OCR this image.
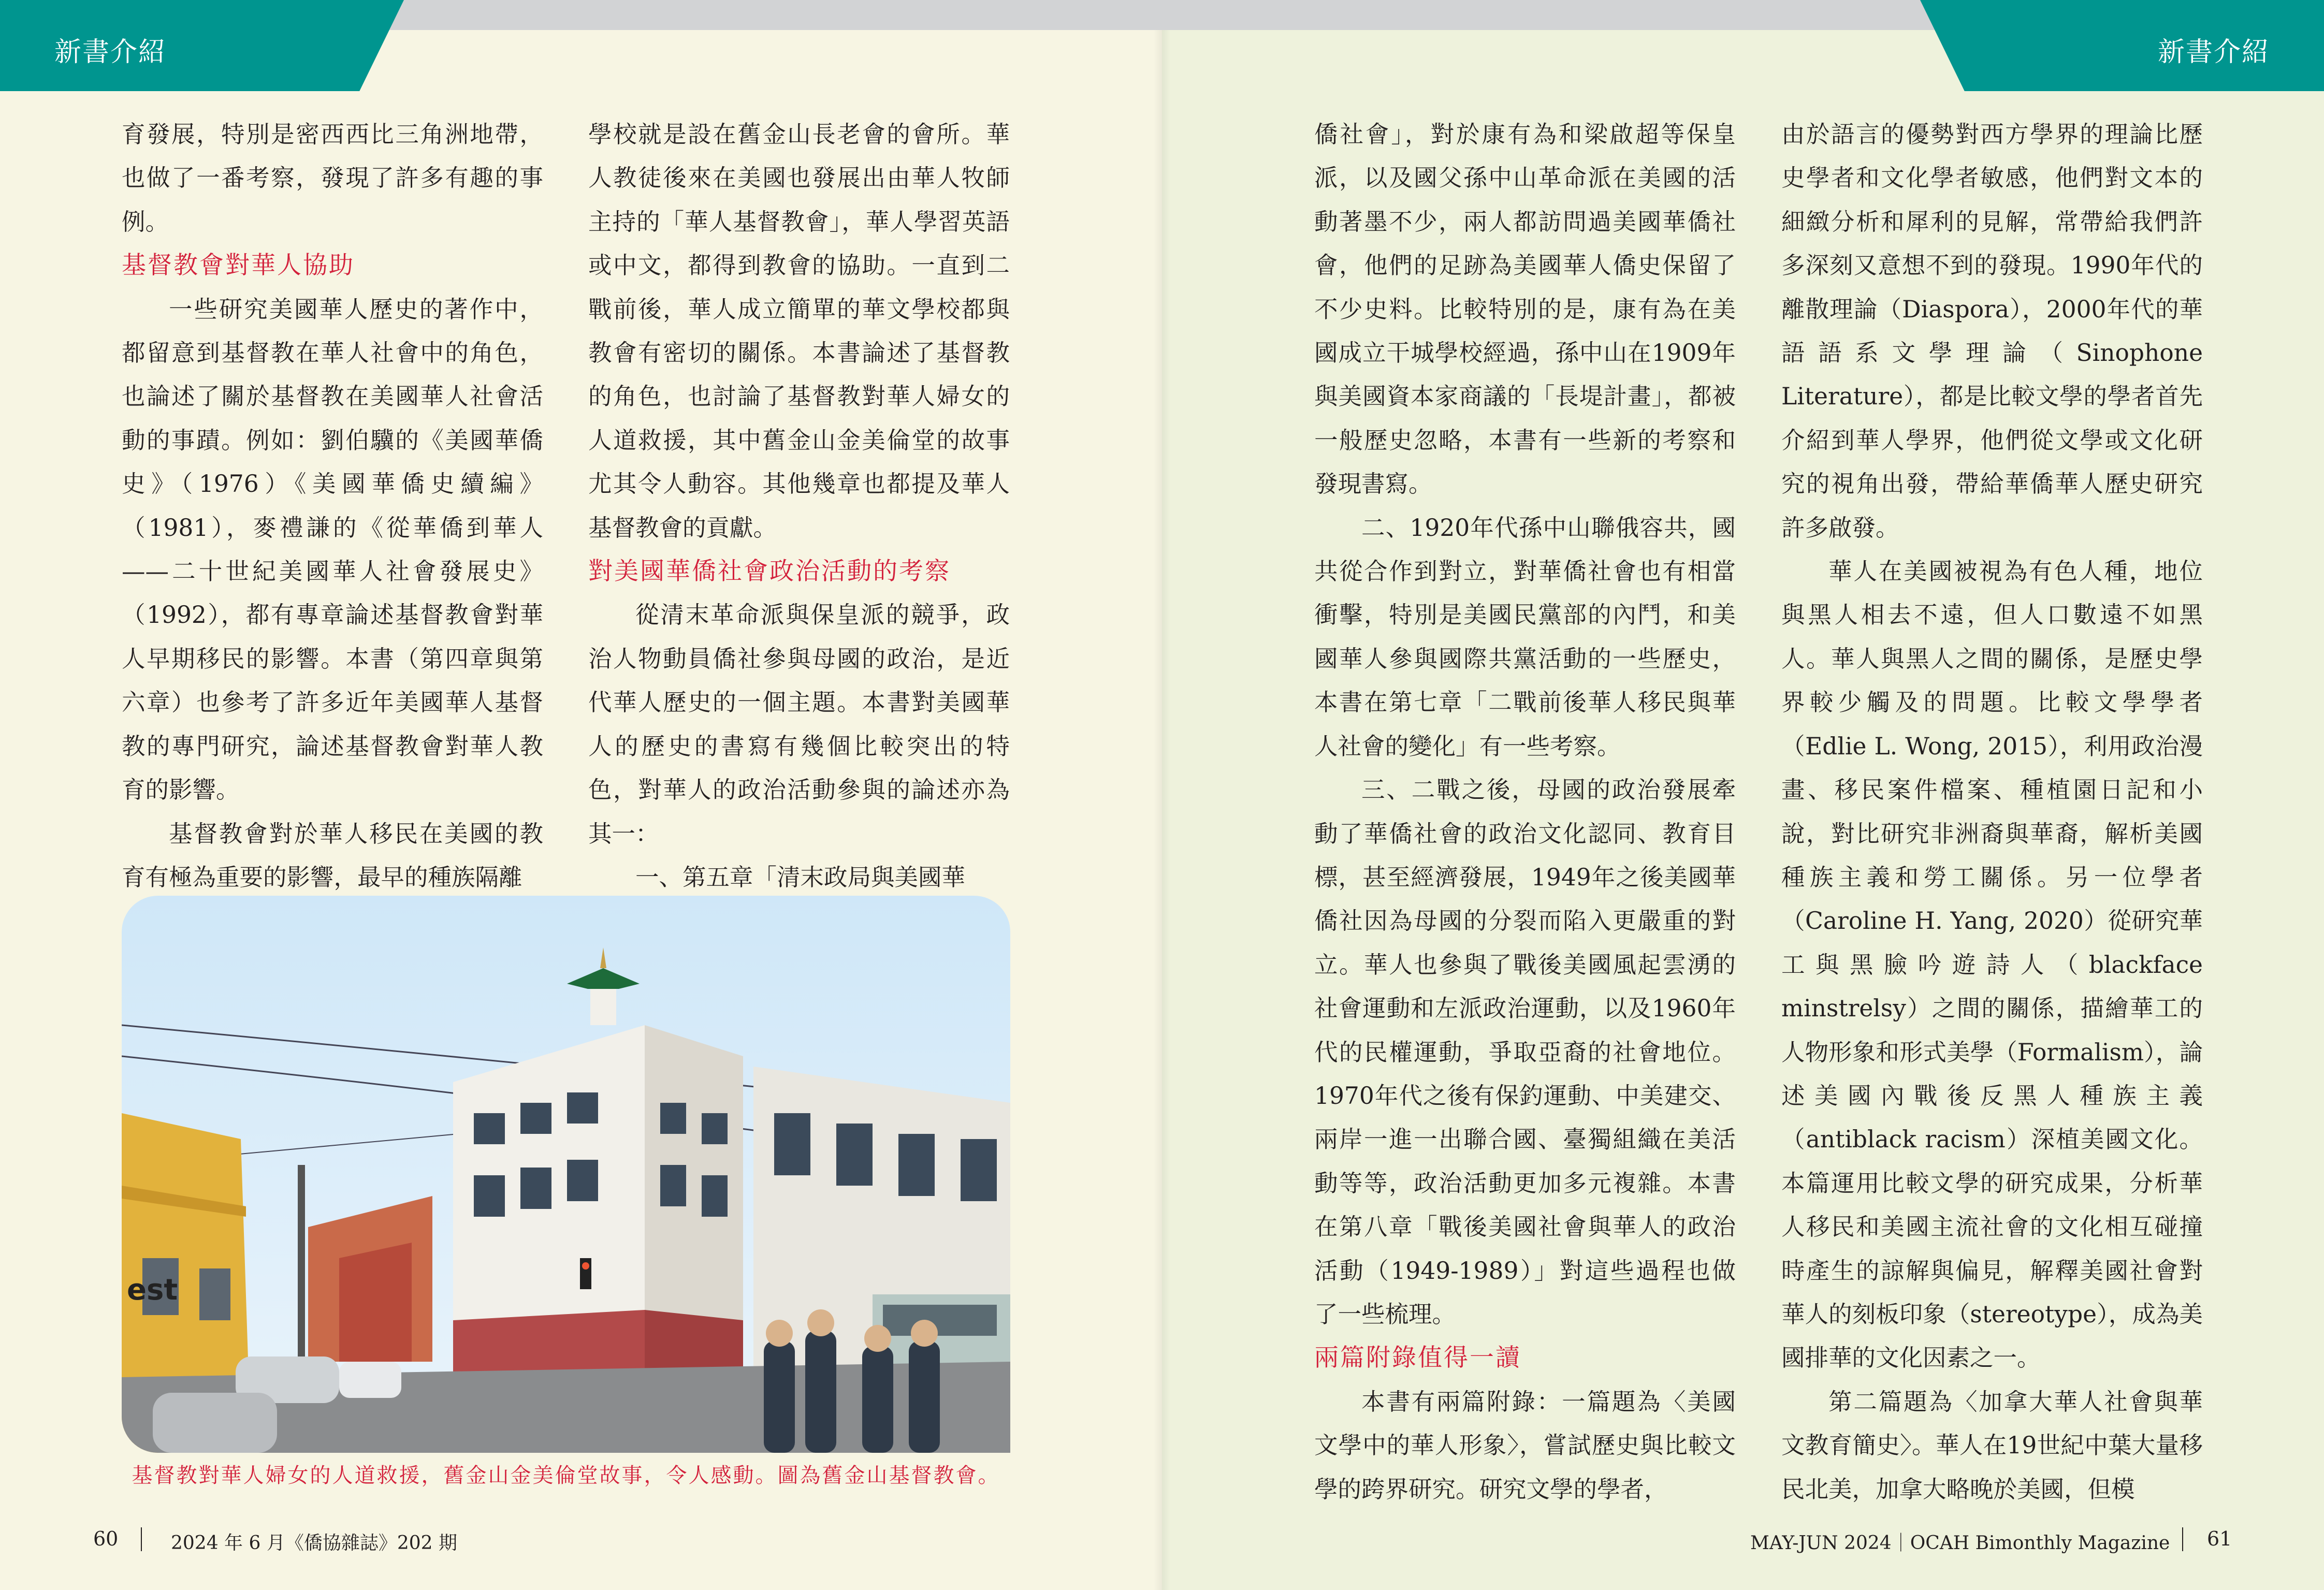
新書介紹	新書介紹

育發展，特別是密西西比三角洲地帶，也做了一番考察，發現了許多有趣的事例。

基督教會對華人協助

一些研究美國華人歷史的著作中，都留意到基督教在華人社會中的角色，也論述了關於基督教在美國華人社會活動的事蹟。例如：劉伯驥的《美國華僑史》（1976）《美國華僑史續編》（1981），麥禮謙的《從華僑到華人——二十世紀美國華人社會發展史》（1992），都有專章論述基督教會對華人早期移民的影響。本書（第四章與第六章）也參考了許多近年美國華人基督教的專門研究，論述基督教會對華人教育的影響。

基督教會對於華人移民在美國的教育有極為重要的影響，最早的種族隔離

學校就是設在舊金山長老會的會所。華人教徒後來在美國也發展出由華人牧師主持的「華人基督教會」，華人學習英語或中文，都得到教會的協助。一直到二戰前後，華人成立簡單的華文學校都與教會有密切的關係。本書論述了基督教的角色，也討論了基督教對華人婦女的人道救援，其中舊金山金美倫堂的故事尤其令人動容。其他幾章也都提及華人基督教會的貢獻。

對美國華僑社會政治活動的考察

從清末革命派與保皇派的競爭，政治人物動員僑社參與母國的政治，是近代華人歷史的一個主題。本書對美國華人的歷史的書寫有幾個比較突出的特色，對華人的政治活動參與的論述亦為其一：

一、第五章「清末政局與美國華

est
基督教對華人婦女的人道救援，舊金山金美倫堂故事，令人感動。圖為舊金山基督教會。

僑社會」，對於康有為和梁啟超等保皇派，以及國父孫中山革命派在美國的活動著墨不少，兩人都訪問過美國華僑社會，他們的足跡為美國華人僑史保留了不少史料。比較特別的是，康有為在美國成立干城學校經過，孫中山在1909年與美國資本家商議的「長堤計畫」，都被一般歷史忽略，本書有一些新的考察和發現書寫。

二、1920年代孫中山聯俄容共，國共從合作到對立，對華僑社會也有相當衝擊，特別是美國民黨部的內鬥，和美國華人參與國際共黨活動的一些歷史，本書在第七章「二戰前後華人移民與華人社會的變化」有一些考察。

三、二戰之後，母國的政治發展牽動了華僑社會的政治文化認同、教育目標，甚至經濟發展，1949年之後美國華僑社因為母國的分裂而陷入更嚴重的對立。華人也參與了戰後美國風起雲湧的社會運動和左派政治運動，以及1960年代的民權運動，爭取亞裔的社會地位。1970年代之後有保釣運動、中美建交、兩岸一進一出聯合國、臺獨組織在美活動等等，政治活動更加多元複雜。本書在第八章「戰後美國社會與華人的政治活動（1949-1989）」對這些過程也做了一些梳理。

兩篇附錄值得一讀

本書有兩篇附錄：一篇題為〈美國文學中的華人形象〉，嘗試歷史與比較文學的跨界研究。研究文學的學者，

由於語言的優勢對西方學界的理論比歷史學者和文化學者敏感，他們對文本的細緻分析和犀利的見解，常帶給我們許多深刻又意想不到的發現。1990年代的離散理論（Diaspora），2000年代的華語語系文學理論（Sinophone Literature），都是比較文學的學者首先介紹到華人學界，他們從文學或文化研究的視角出發，帶給華僑華人歷史研究許多啟發。

華人在美國被視為有色人種，地位與黑人相去不遠，但人口數遠不如黑人。華人與黑人之間的關係，是歷史學界較少觸及的問題。比較文學學者（Edlie L. Wong, 2015），利用政治漫畫、移民案件檔案、種植園日記和小說，對比研究非洲裔與華裔，解析美國種族主義和勞工關係。另一位學者（Caroline H. Yang, 2020）從研究華工與黑臉吟遊詩人（blackface minstrelsy）之間的關係，描繪華工的人物形象和形式美學（Formalism），論述美國內戰後反黑人種族主義（antiblack racism）深植美國文化。本篇運用比較文學的研究成果，分析華人移民和美國主流社會的文化相互碰撞時產生的諒解與偏見，解釋美國社會對華人的刻板印象（stereotype），成為美國排華的文化因素之一。

第二篇題為〈加拿大華人社會與華文教育簡史〉。華人在19世紀中葉大量移民北美，加拿大略晚於美國，但模

60	2024 年 6 月《僑協雜誌》202 期	MAY-JUN 2024｜OCAH Bimonthly Magazine 61
